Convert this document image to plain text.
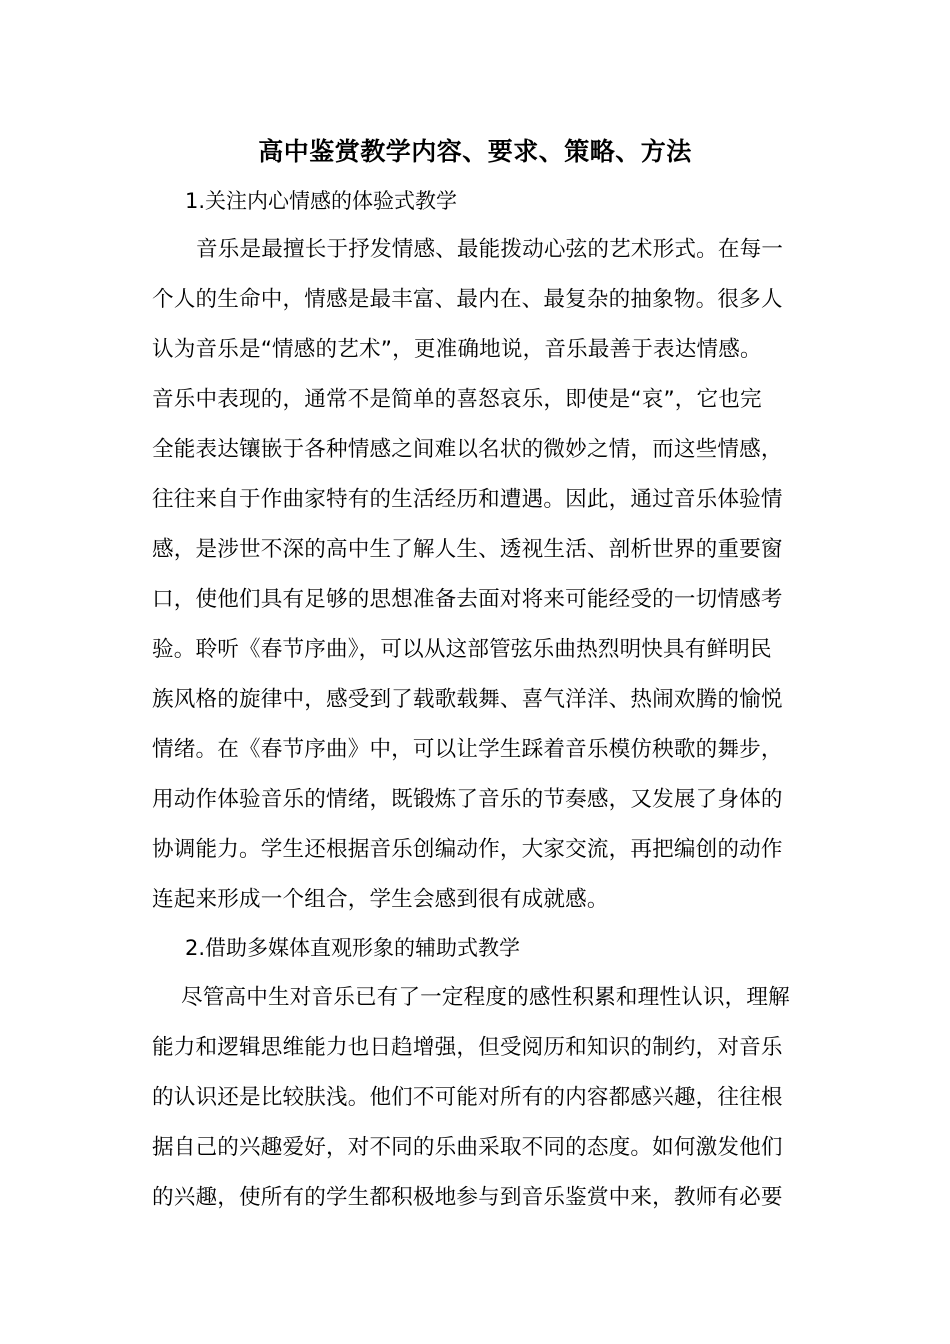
高中鉴赏教学内容、要求、策略、方法
1.关注内心情感的体验式教学
音乐是最擅长于抒发情感、最能拨动心弦的艺术形式。在每一
个人的生命中，情感是最丰富、最内在、最复杂的抽象物。很多人
认为音乐是“情感的艺术”，更准确地说，音乐最善于表达情感。
音乐中表现的，通常不是简单的喜怒哀乐，即使是“哀”，它也完
全能表达镶嵌于各种情感之间难以名状的微妙之情，而这些情感，
往往来自于作曲家特有的生活经历和遭遇。因此，通过音乐体验情
感，是涉世不深的高中生了解人生、透视生活、剖析世界的重要窗
口，使他们具有足够的思想准备去面对将来可能经受的一切情感考
验。聆听《春节序曲》，可以从这部管弦乐曲热烈明快具有鲜明民
族风格的旋律中，感受到了载歌载舞、喜气洋洋、热闹欢腾的愉悦
情绪。在《春节序曲》中，可以让学生踩着音乐模仿秧歌的舞步，
用动作体验音乐的情绪，既锻炼了音乐的节奏感，又发展了身体的
协调能力。学生还根据音乐创编动作，大家交流，再把编创的动作
连起来形成一个组合，学生会感到很有成就感。
2.借助多媒体直观形象的辅助式教学
尽管高中生对音乐已有了一定程度的感性积累和理性认识，理解
能力和逻辑思维能力也日趋增强，但受阅历和知识的制约，对音乐
的认识还是比较肤浅。他们不可能对所有的内容都感兴趣，往往根
据自己的兴趣爱好，对不同的乐曲采取不同的态度。如何激发他们
的兴趣，使所有的学生都积极地参与到音乐鉴赏中来，教师有必要
